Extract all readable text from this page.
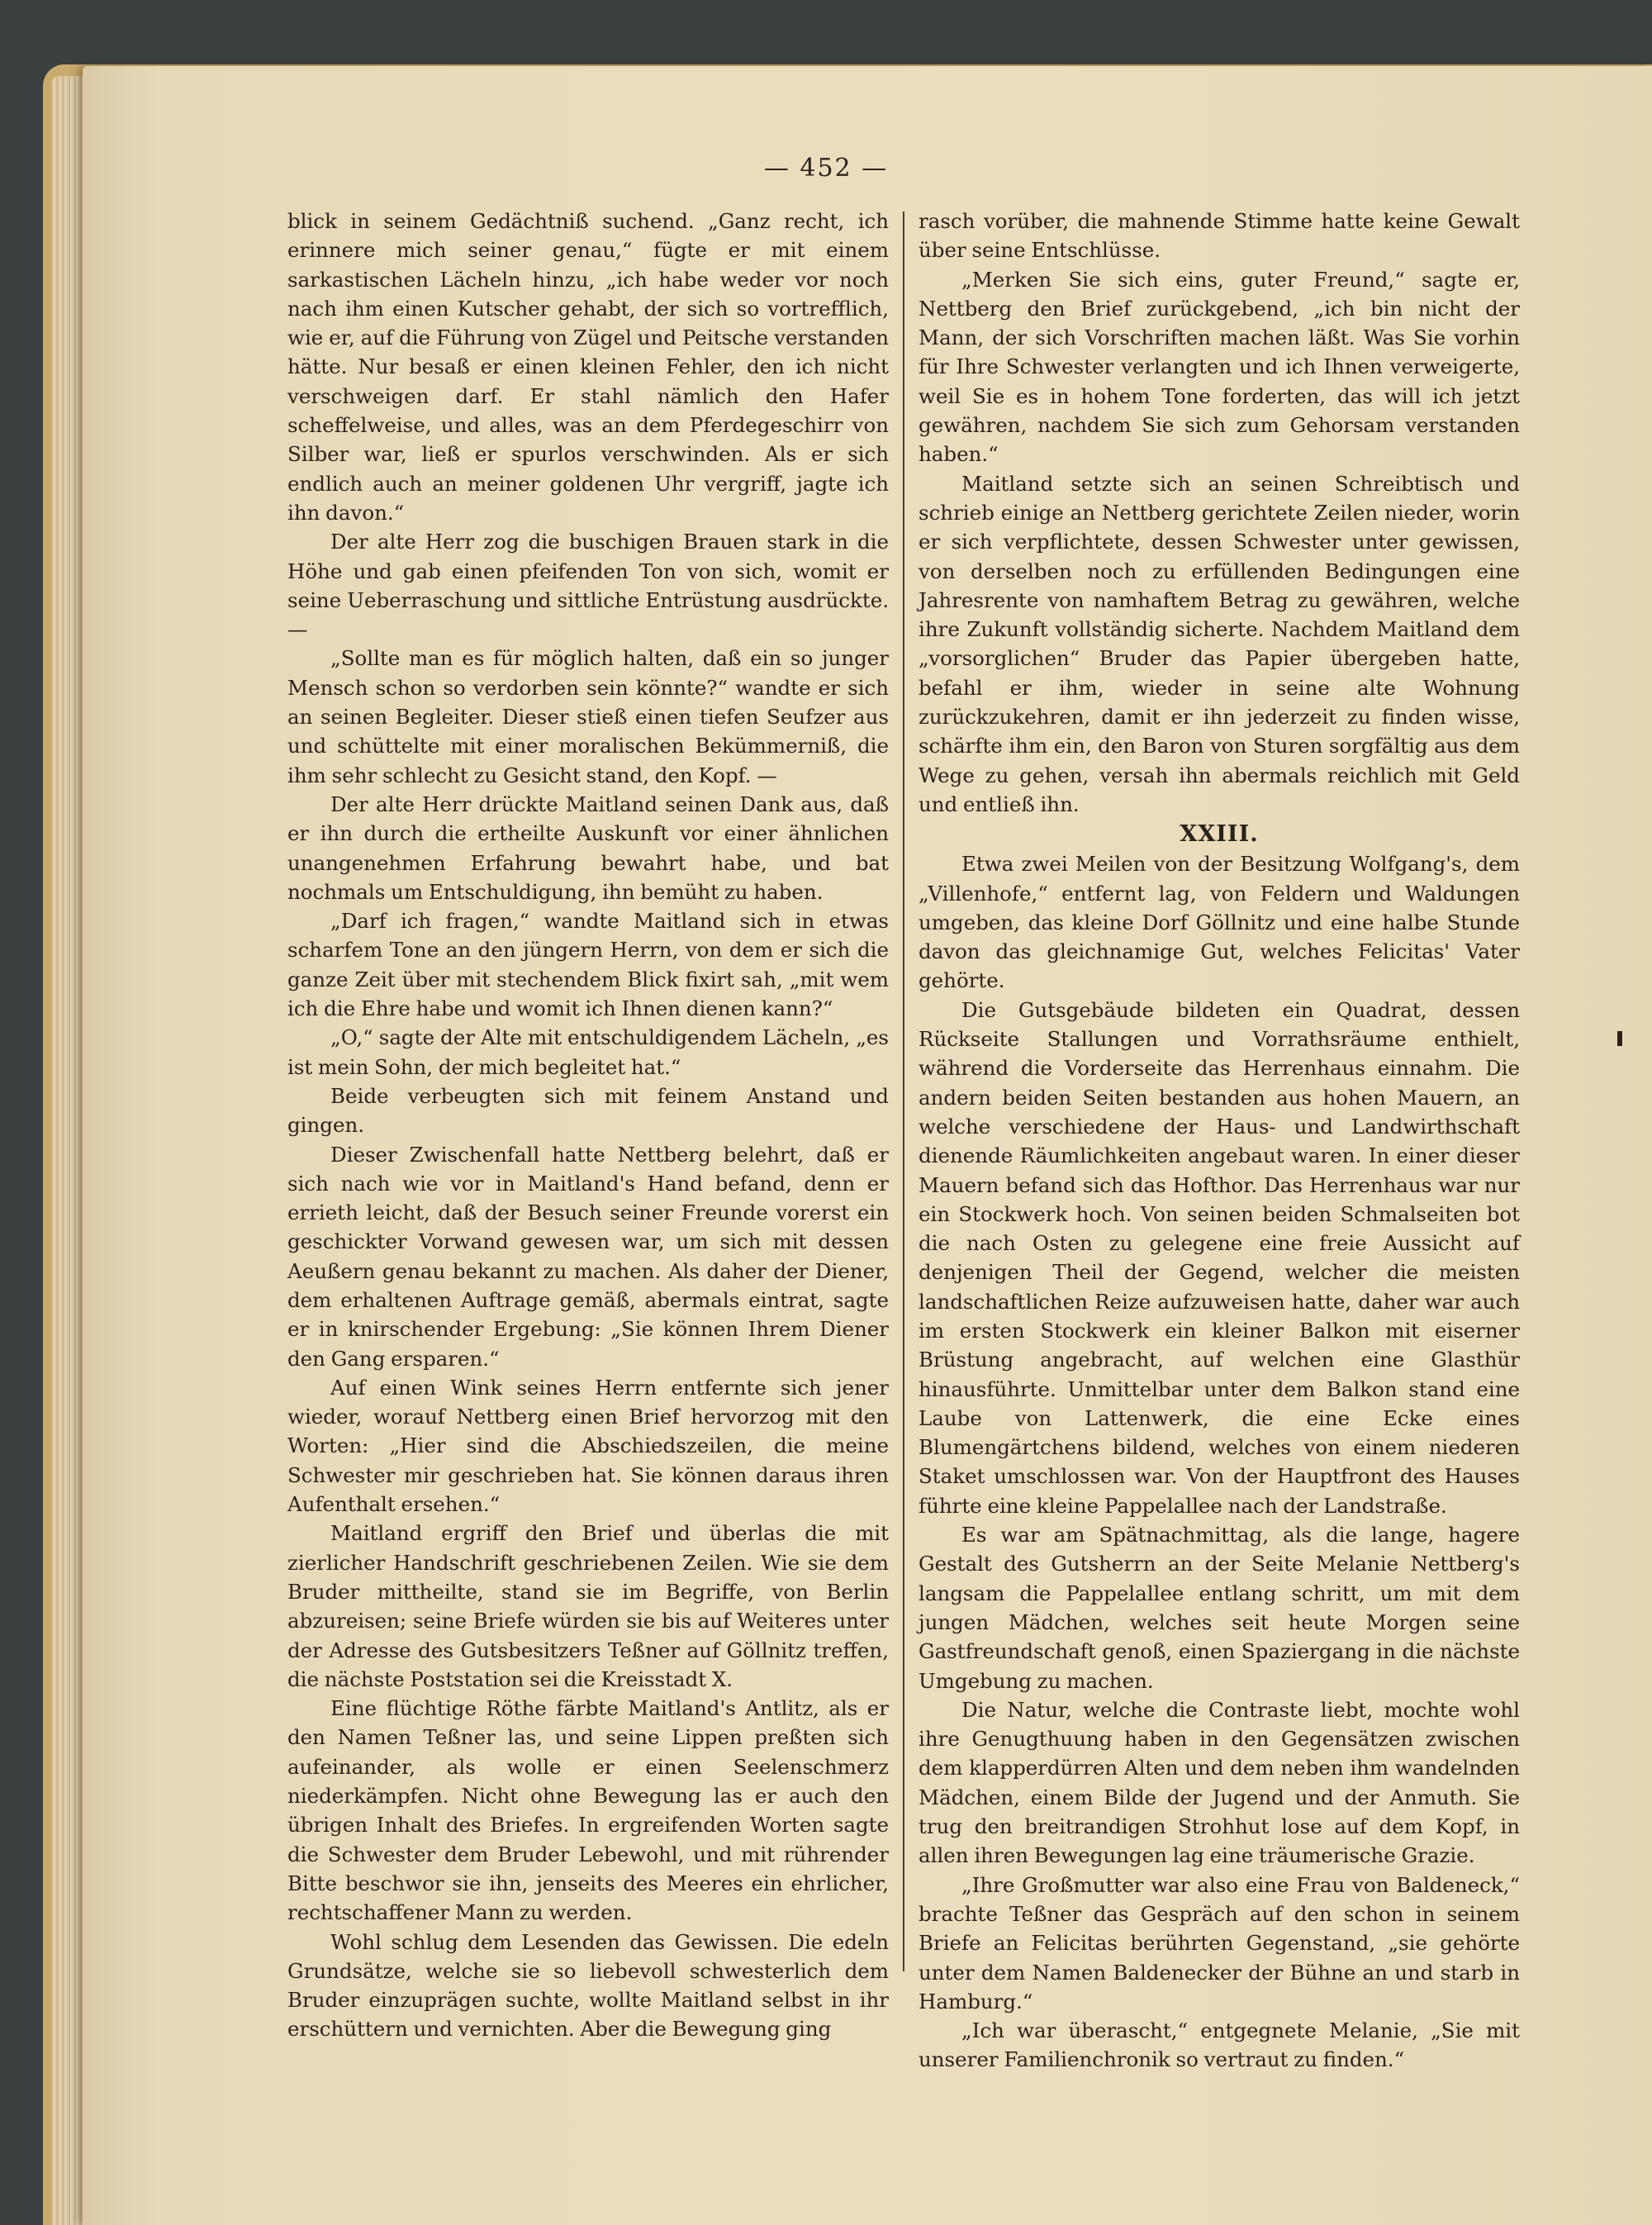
— 452 —

blick in seinem Gedächtniß suchend. „Ganz recht, ich erinnere mich seiner genau,“ fügte er mit einem sarkastischen Lächeln hinzu, „ich habe weder vor noch nach ihm einen Kutscher gehabt, der sich so vortrefflich, wie er, auf die Führung von Zügel und Peitsche verstanden hätte. Nur besaß er einen kleinen Fehler, den ich nicht verschweigen darf. Er stahl nämlich den Hafer scheffelweise, und alles, was an dem Pferdegeschirr von Silber war, ließ er spurlos verschwinden. Als er sich endlich auch an meiner goldenen Uhr vergriff, jagte ich ihn davon.“

Der alte Herr zog die buschigen Brauen stark in die Höhe und gab einen pfeifenden Ton von sich, womit er seine Ueberraschung und sittliche Entrüstung ausdrückte. —

„Sollte man es für möglich halten, daß ein so junger Mensch schon so verdorben sein könnte?“ wandte er sich an seinen Begleiter. Dieser stieß einen tiefen Seufzer aus und schüttelte mit einer moralischen Bekümmerniß, die ihm sehr schlecht zu Gesicht stand, den Kopf. —

Der alte Herr drückte Maitland seinen Dank aus, daß er ihn durch die ertheilte Auskunft vor einer ähnlichen unangenehmen Erfahrung bewahrt habe, und bat nochmals um Entschuldigung, ihn bemüht zu haben.

„Darf ich fragen,“ wandte Maitland sich in etwas scharfem Tone an den jüngern Herrn, von dem er sich die ganze Zeit über mit stechendem Blick fixirt sah, „mit wem ich die Ehre habe und womit ich Ihnen dienen kann?“

„O,“ sagte der Alte mit entschuldigendem Lächeln, „es ist mein Sohn, der mich begleitet hat.“

Beide verbeugten sich mit feinem Anstand und gingen.

Dieser Zwischenfall hatte Nettberg belehrt, daß er sich nach wie vor in Maitland's Hand befand, denn er errieth leicht, daß der Besuch seiner Freunde vorerst ein geschickter Vorwand gewesen war, um sich mit dessen Aeußern genau bekannt zu machen. Als daher der Diener, dem erhaltenen Auftrage gemäß, abermals eintrat, sagte er in knirschender Ergebung: „Sie können Ihrem Diener den Gang ersparen.“

Auf einen Wink seines Herrn entfernte sich jener wieder, worauf Nettberg einen Brief hervorzog mit den Worten: „Hier sind die Abschiedszeilen, die meine Schwester mir geschrieben hat. Sie können daraus ihren Aufenthalt ersehen.“

Maitland ergriff den Brief und überlas die mit zierlicher Handschrift geschriebenen Zeilen. Wie sie dem Bruder mittheilte, stand sie im Begriffe, von Berlin abzureisen; seine Briefe würden sie bis auf Weiteres unter der Adresse des Gutsbesitzers Teßner auf Göllnitz treffen, die nächste Poststation sei die Kreisstadt X.

Eine flüchtige Röthe färbte Maitland's Antlitz, als er den Namen Teßner las, und seine Lippen preßten sich aufeinander, als wolle er einen Seelenschmerz niederkämpfen. Nicht ohne Bewegung las er auch den übrigen Inhalt des Briefes. In ergreifenden Worten sagte die Schwester dem Bruder Lebewohl, und mit rührender Bitte beschwor sie ihn, jenseits des Meeres ein ehrlicher, rechtschaffener Mann zu werden.

Wohl schlug dem Lesenden das Gewissen. Die edeln Grundsätze, welche sie so liebevoll schwesterlich dem Bruder einzuprägen suchte, wollte Maitland selbst in ihr erschüttern und vernichten. Aber die Bewegung ging

rasch vorüber, die mahnende Stimme hatte keine Gewalt über seine Entschlüsse.

„Merken Sie sich eins, guter Freund,“ sagte er, Nettberg den Brief zurückgebend, „ich bin nicht der Mann, der sich Vorschriften machen läßt. Was Sie vorhin für Ihre Schwester verlangten und ich Ihnen verweigerte, weil Sie es in hohem Tone forderten, das will ich jetzt gewähren, nachdem Sie sich zum Gehorsam verstanden haben.“

Maitland setzte sich an seinen Schreibtisch und schrieb einige an Nettberg gerichtete Zeilen nieder, worin er sich verpflichtete, dessen Schwester unter gewissen, von derselben noch zu erfüllenden Bedingungen eine Jahresrente von namhaftem Betrag zu gewähren, welche ihre Zukunft vollständig sicherte. Nachdem Maitland dem „vorsorglichen“ Bruder das Papier übergeben hatte, befahl er ihm, wieder in seine alte Wohnung zurückzukehren, damit er ihn jederzeit zu finden wisse, schärfte ihm ein, den Baron von Sturen sorgfältig aus dem Wege zu gehen, versah ihn abermals reichlich mit Geld und entließ ihn.

XXIII.

Etwa zwei Meilen von der Besitzung Wolfgang's, dem „Villenhofe,“ entfernt lag, von Feldern und Waldungen umgeben, das kleine Dorf Göllnitz und eine halbe Stunde davon das gleichnamige Gut, welches Felicitas' Vater gehörte.

Die Gutsgebäude bildeten ein Quadrat, dessen Rückseite Stallungen und Vorrathsräume enthielt, während die Vorderseite das Herrenhaus einnahm. Die andern beiden Seiten bestanden aus hohen Mauern, an welche verschiedene der Haus- und Landwirthschaft dienende Räumlichkeiten angebaut waren. In einer dieser Mauern befand sich das Hofthor. Das Herrenhaus war nur ein Stockwerk hoch. Von seinen beiden Schmalseiten bot die nach Osten zu gelegene eine freie Aussicht auf denjenigen Theil der Gegend, welcher die meisten landschaftlichen Reize aufzuweisen hatte, daher war auch im ersten Stockwerk ein kleiner Balkon mit eiserner Brüstung angebracht, auf welchen eine Glasthür hinausführte. Unmittelbar unter dem Balkon stand eine Laube von Lattenwerk, die eine Ecke eines Blumengärtchens bildend, welches von einem niederen Staket umschlossen war. Von der Hauptfront des Hauses führte eine kleine Pappelallee nach der Landstraße.

Es war am Spätnachmittag, als die lange, hagere Gestalt des Gutsherrn an der Seite Melanie Nettberg's langsam die Pappelallee entlang schritt, um mit dem jungen Mädchen, welches seit heute Morgen seine Gastfreundschaft genoß, einen Spaziergang in die nächste Umgebung zu machen.

Die Natur, welche die Contraste liebt, mochte wohl ihre Genugthuung haben in den Gegensätzen zwischen dem klapperdürren Alten und dem neben ihm wandelnden Mädchen, einem Bilde der Jugend und der Anmuth. Sie trug den breitrandigen Strohhut lose auf dem Kopf, in allen ihren Bewegungen lag eine träumerische Grazie.

„Ihre Großmutter war also eine Frau von Baldeneck,“ brachte Teßner das Gespräch auf den schon in seinem Briefe an Felicitas berührten Gegenstand, „sie gehörte unter dem Namen Baldenecker der Bühne an und starb in Hamburg.“

„Ich war überascht,“ entgegnete Melanie, „Sie mit unserer Familienchronik so vertraut zu finden.“
